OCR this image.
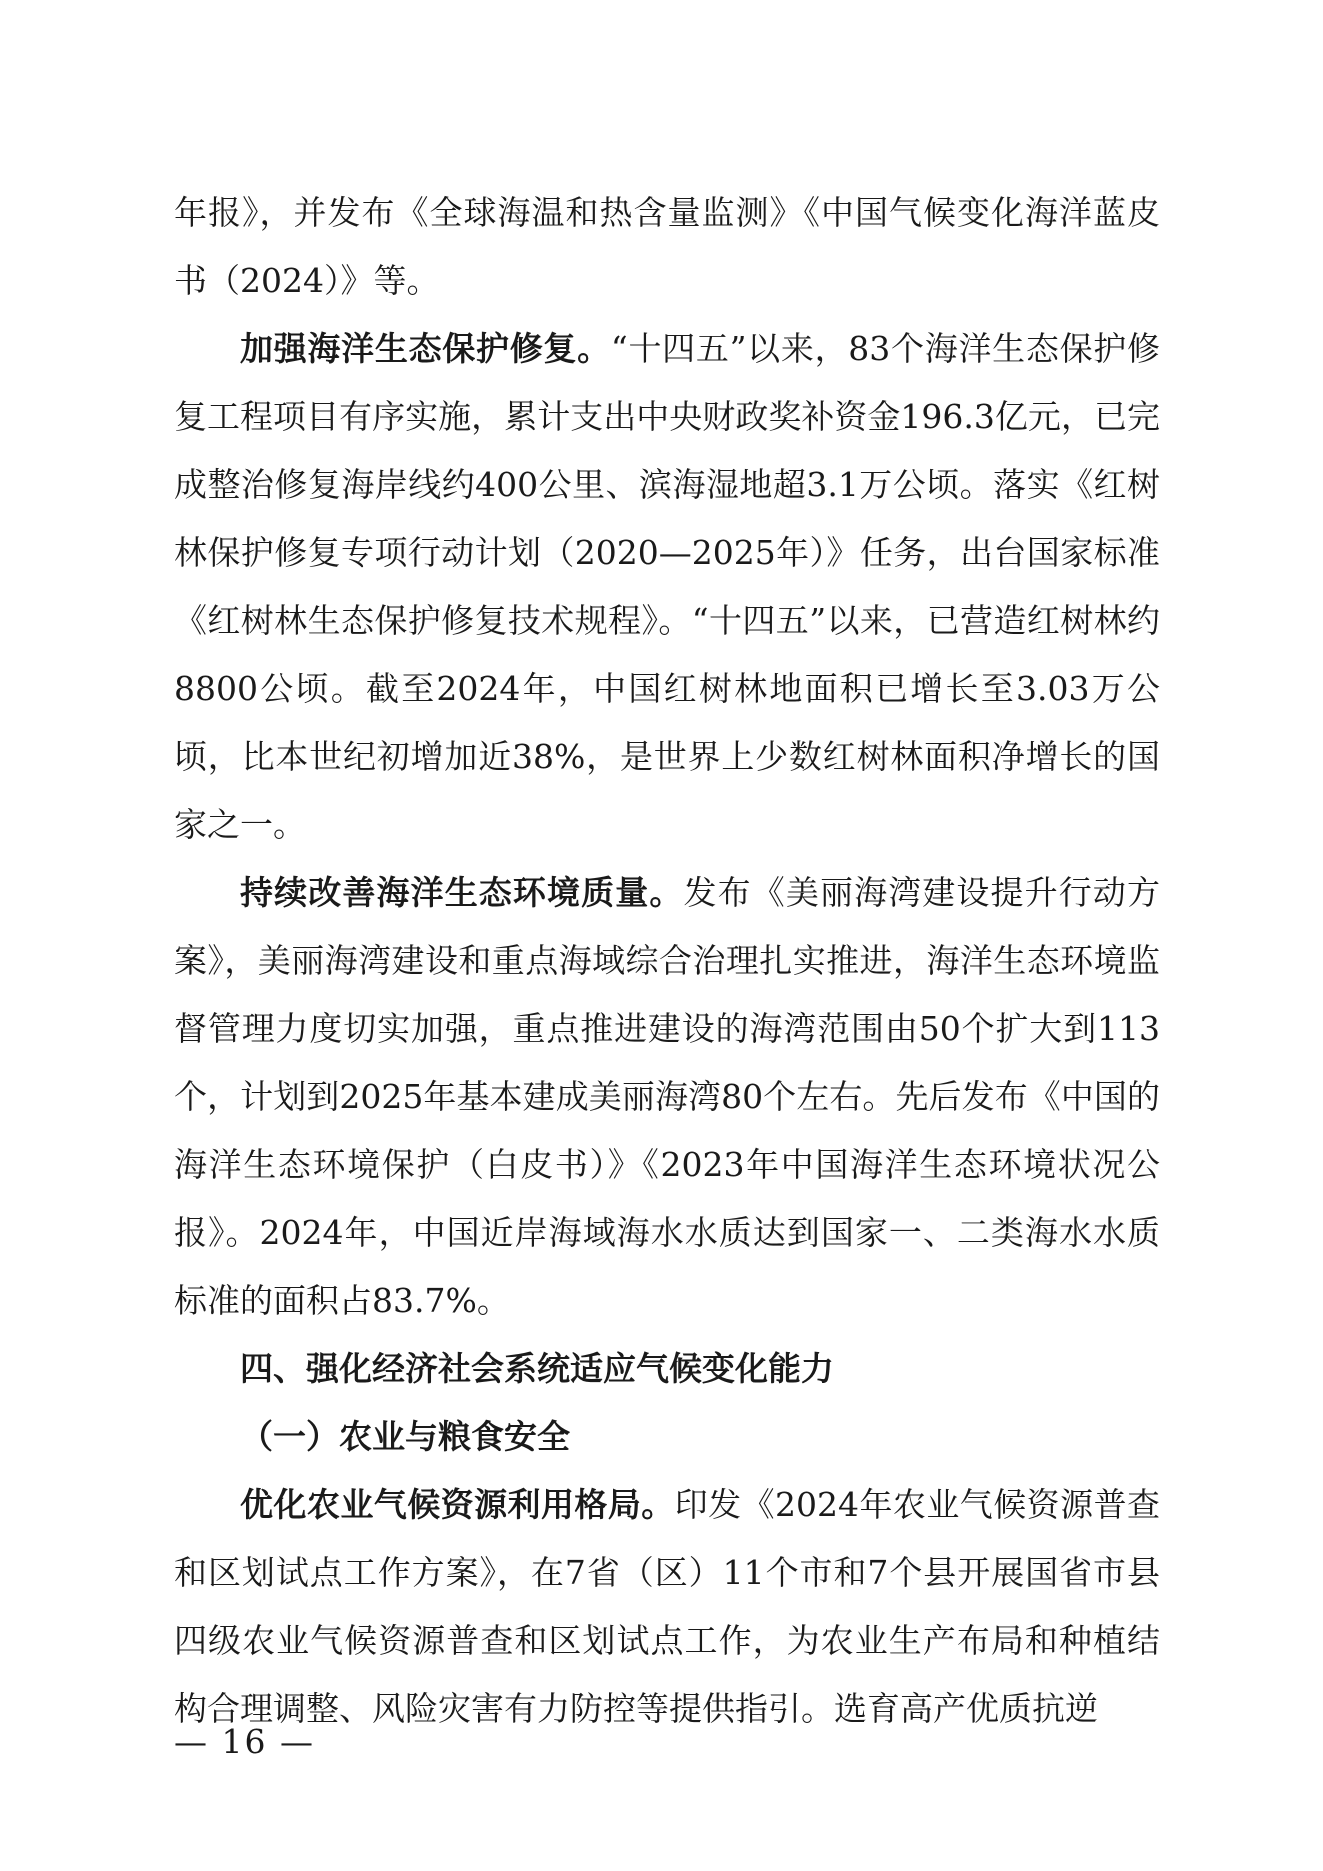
年报》，并发布《全球海温和热含量监测》《中国气候变化海洋蓝皮书（2024）》等。

加强海洋生态保护修复。“十四五”以来，83个海洋生态保护修复工程项目有序实施，累计支出中央财政奖补资金196.3亿元，已完成整治修复海岸线约400公里、滨海湿地超3.1万公顷。落实《红树林保护修复专项行动计划（2020—2025年）》任务，出台国家标准《红树林生态保护修复技术规程》。“十四五”以来，已营造红树林约8800公顷。截至2024年，中国红树林地面积已增长至3.03万公顷，比本世纪初增加近38%，是世界上少数红树林面积净增长的国家之一。

持续改善海洋生态环境质量。发布《美丽海湾建设提升行动方案》，美丽海湾建设和重点海域综合治理扎实推进，海洋生态环境监督管理力度切实加强，重点推进建设的海湾范围由50个扩大到113个，计划到2025年基本建成美丽海湾80个左右。先后发布《中国的海洋生态环境保护（白皮书）》《2023年中国海洋生态环境状况公报》。2024年，中国近岸海域海水水质达到国家一、二类海水水质标准的面积占83.7%。

四、强化经济社会系统适应气候变化能力

（一）农业与粮食安全

优化农业气候资源利用格局。印发《2024年农业气候资源普查和区划试点工作方案》，在7省（区）11个市和7个县开展国省市县四级农业气候资源普查和区划试点工作，为农业生产布局和种植结构合理调整、风险灾害有力防控等提供指引。选育高产优质抗逆

— 16 —
